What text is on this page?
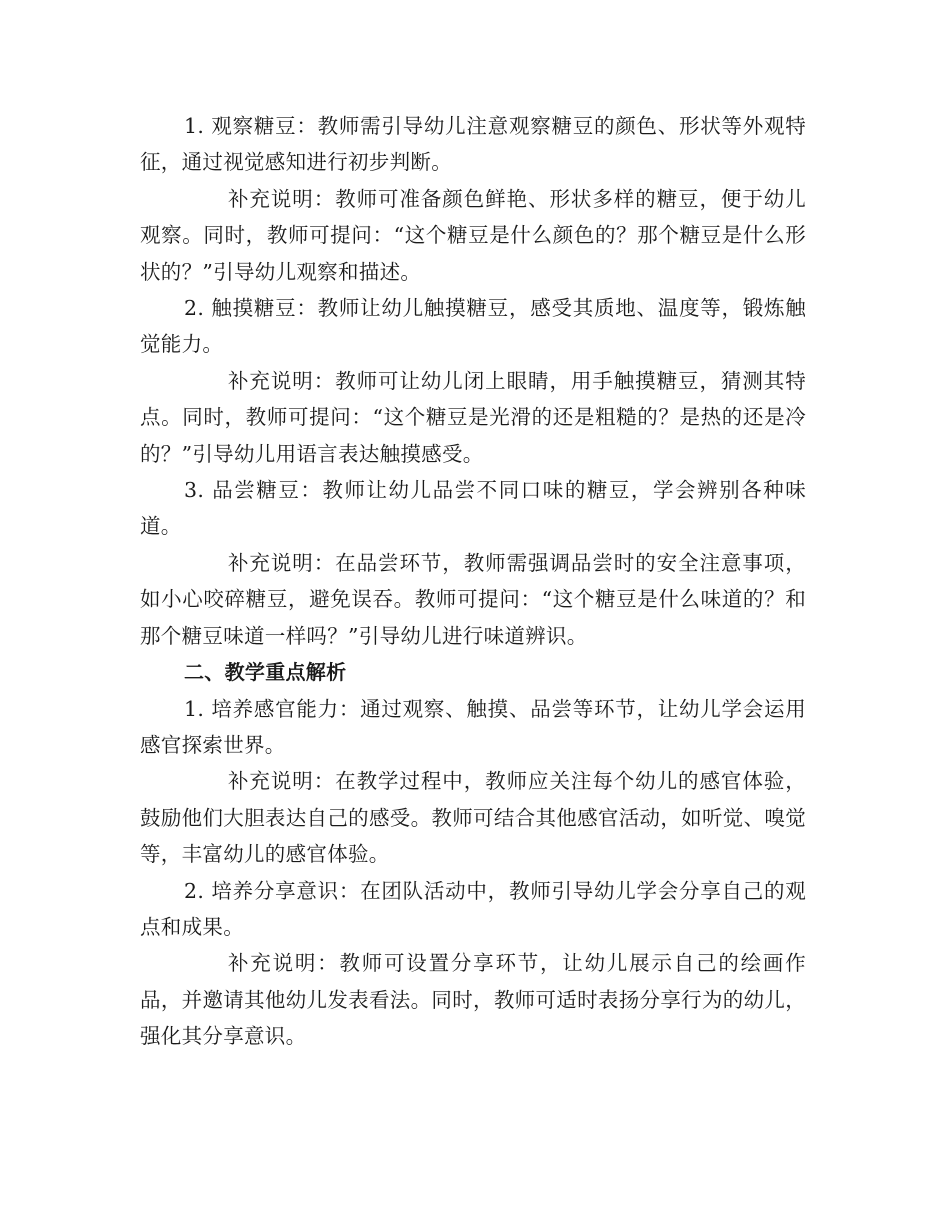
1. 观察糖豆：教师需引导幼儿注意观察糖豆的颜色、形状等外观特征，通过视觉感知进行初步判断。

补充说明：教师可准备颜色鲜艳、形状多样的糖豆，便于幼儿观察。同时，教师可提问：“这个糖豆是什么颜色的？那个糖豆是什么形状的？”引导幼儿观察和描述。

2. 触摸糖豆：教师让幼儿触摸糖豆，感受其质地、温度等，锻炼触觉能力。

补充说明：教师可让幼儿闭上眼睛，用手触摸糖豆，猜测其特点。同时，教师可提问：“这个糖豆是光滑的还是粗糙的？是热的还是冷的？”引导幼儿用语言表达触摸感受。

3. 品尝糖豆：教师让幼儿品尝不同口味的糖豆，学会辨别各种味道。

补充说明：在品尝环节，教师需强调品尝时的安全注意事项，如小心咬碎糖豆，避免误吞。教师可提问：“这个糖豆是什么味道的？和那个糖豆味道一样吗？”引导幼儿进行味道辨识。

二、教学重点解析

1. 培养感官能力：通过观察、触摸、品尝等环节，让幼儿学会运用感官探索世界。

补充说明：在教学过程中，教师应关注每个幼儿的感官体验，鼓励他们大胆表达自己的感受。教师可结合其他感官活动，如听觉、嗅觉等，丰富幼儿的感官体验。

2. 培养分享意识：在团队活动中，教师引导幼儿学会分享自己的观点和成果。

补充说明：教师可设置分享环节，让幼儿展示自己的绘画作品，并邀请其他幼儿发表看法。同时，教师可适时表扬分享行为的幼儿，强化其分享意识。
